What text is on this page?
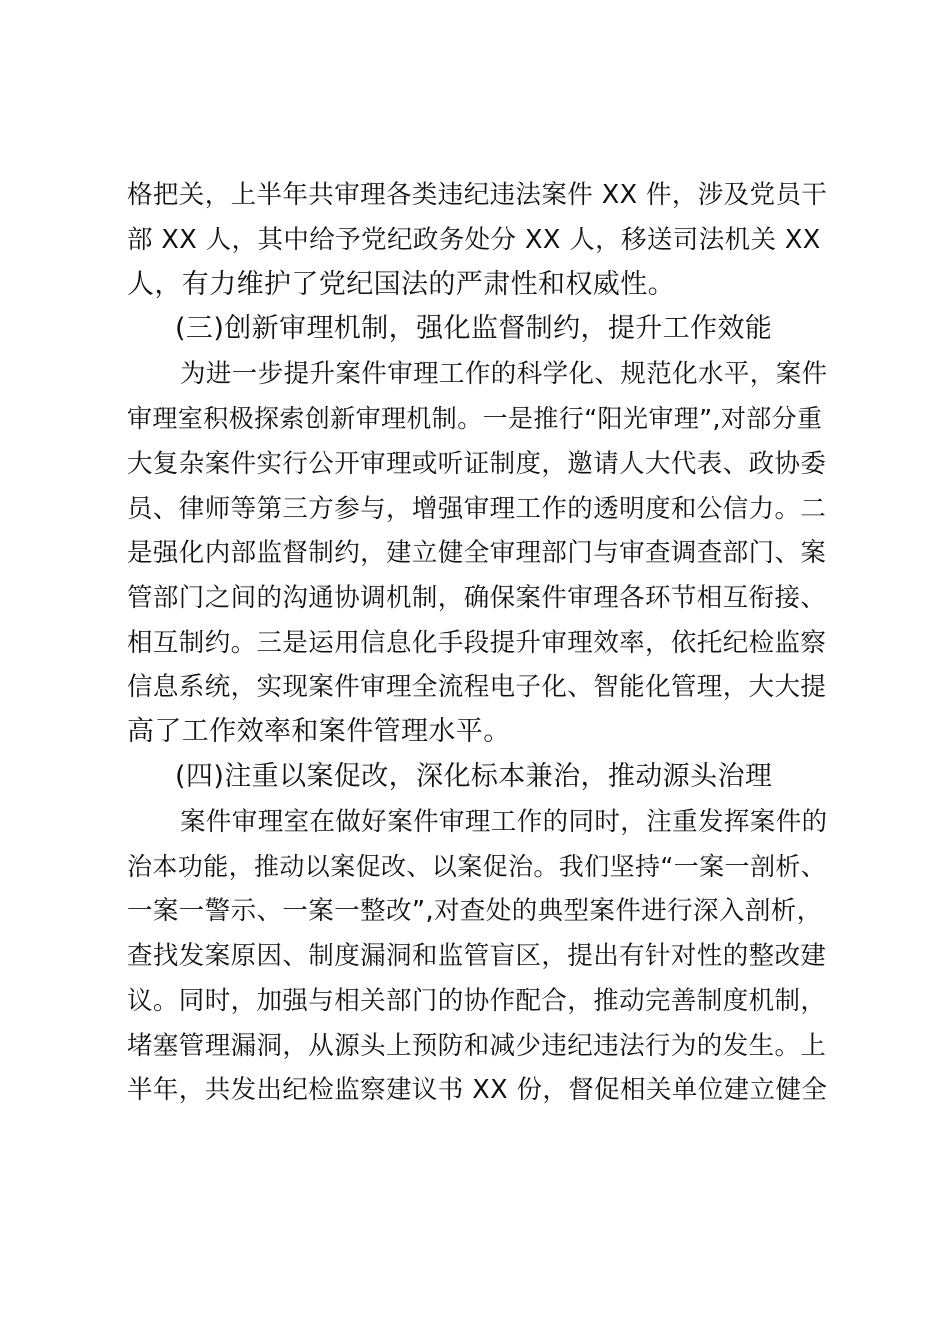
格把关，上半年共审理各类违纪违法案件 XX 件，涉及党员干
部 XX 人，其中给予党纪政务处分 XX 人，移送司法机关 XX
人，有力维护了党纪国法的严肃性和权威性。
(三)创新审理机制，强化监督制约，提升工作效能
为进一步提升案件审理工作的科学化、规范化水平，案件
审理室积极探索创新审理机制。一是推行“阳光审理”,对部分重
大复杂案件实行公开审理或听证制度，邀请人大代表、政协委
员、律师等第三方参与，增强审理工作的透明度和公信力。二
是强化内部监督制约，建立健全审理部门与审查调查部门、案
管部门之间的沟通协调机制，确保案件审理各环节相互衔接、
相互制约。三是运用信息化手段提升审理效率，依托纪检监察
信息系统，实现案件审理全流程电子化、智能化管理，大大提
高了工作效率和案件管理水平。
(四)注重以案促改，深化标本兼治，推动源头治理
案件审理室在做好案件审理工作的同时，注重发挥案件的
治本功能，推动以案促改、以案促治。我们坚持“一案一剖析、
一案一警示、一案一整改”,对查处的典型案件进行深入剖析，
查找发案原因、制度漏洞和监管盲区，提出有针对性的整改建
议。同时，加强与相关部门的协作配合，推动完善制度机制，
堵塞管理漏洞，从源头上预防和减少违纪违法行为的发生。上
半年，共发出纪检监察建议书 XX 份，督促相关单位建立健全
